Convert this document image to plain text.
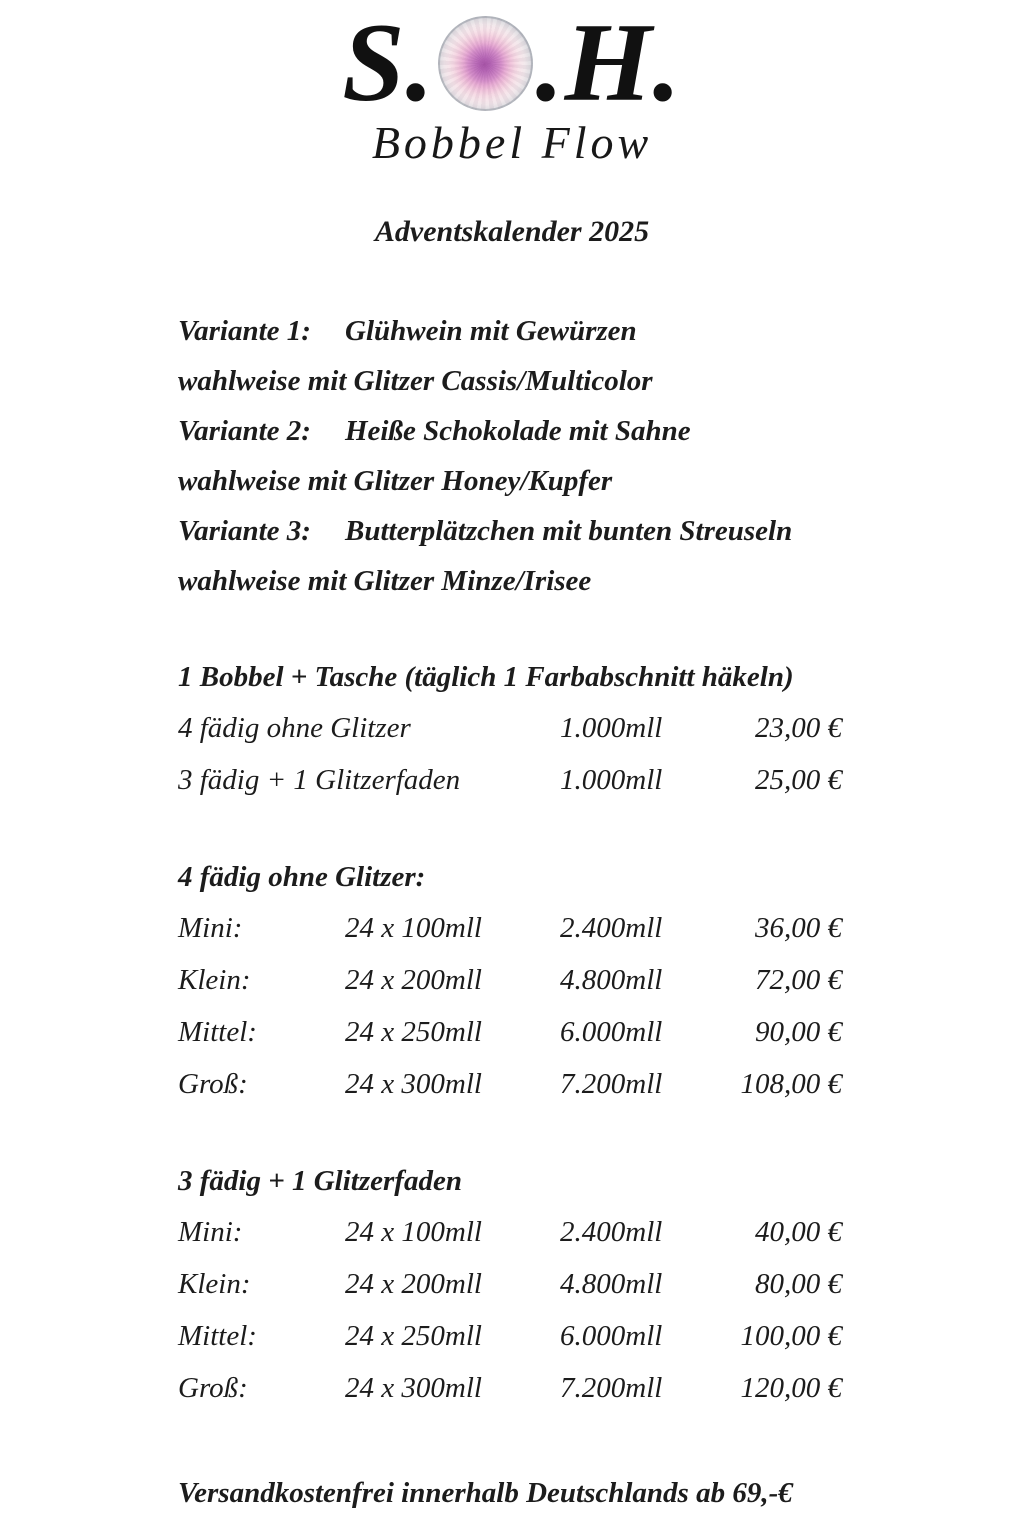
S. .H.
Bobbel Flow
Adventskalender 2025
Variante 1:	Glühwein mit Gewürzen
wahlweise mit Glitzer Cassis/Multicolor
Variante 2:	Heiße Schokolade mit Sahne
wahlweise mit Glitzer Honey/Kupfer
Variante 3:	Butterplätzchen mit bunten Streuseln
wahlweise mit Glitzer Minze/Irisee
1 Bobbel + Tasche (täglich 1 Farbabschnitt häkeln)
4 fädig ohne Glitzer	1.000mll	23,00 €
3 fädig + 1 Glitzerfaden	1.000mll	25,00 €
4 fädig ohne Glitzer:
Mini:	24 x 100mll	2.400mll	36,00 €
Klein:	24 x 200mll	4.800mll	72,00 €
Mittel:	24 x 250mll	6.000mll	90,00 €
Groß:	24 x 300mll	7.200mll	108,00 €
3 fädig + 1 Glitzerfaden
Mini:	24 x 100mll	2.400mll	40,00 €
Klein:	24 x 200mll	4.800mll	80,00 €
Mittel:	24 x 250mll	6.000mll	100,00 €
Groß:	24 x 300mll	7.200mll	120,00 €
Versandkostenfrei innerhalb Deutschlands ab 69,-€
